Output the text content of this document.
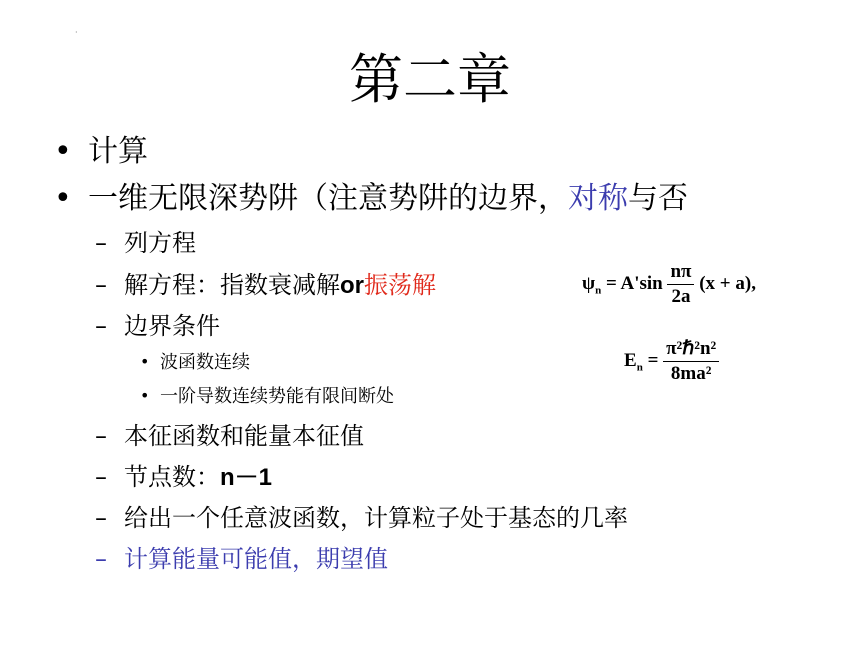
·
第二章
• 计算
• 一维无限深势阱（注意势阱的边界，对称与否
– 列方程
– 解方程：指数衰减解or振荡解
– 边界条件
• 波函数连续
• 一阶导数连续势能有限间断处
– 本征函数和能量本征值
– 节点数：n－1
– 给出一个任意波函数，计算粒子处于基态的几率
– 计算能量可能值，期望值
$\psi_n = A'\sin \frac{n\pi}{2a} (x + a)$,
$E_n = \frac{\text{π²ℏ²n²}}{\text{8ma²}}$
